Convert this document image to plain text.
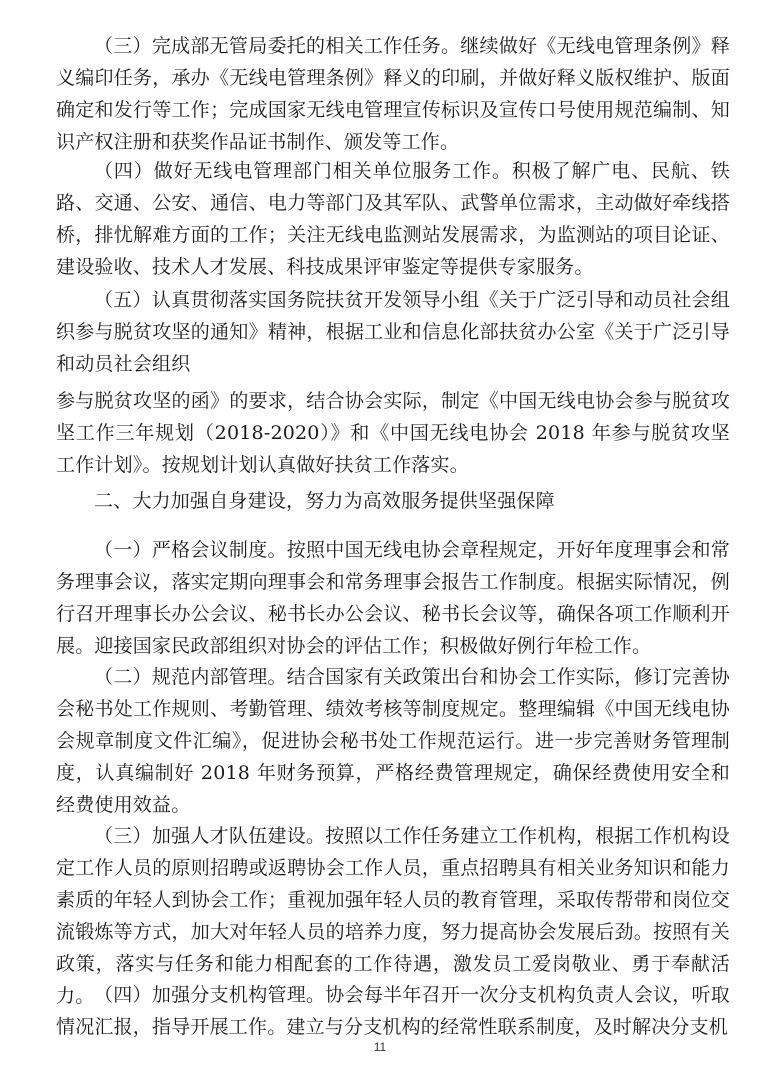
（三）完成部无管局委托的相关工作任务。继续做好《无线电管理条例》释义编印任务，承办《无线电管理条例》释义的印刷，并做好释义版权维护、版面确定和发行等工作；完成国家无线电管理宣传标识及宣传口号使用规范编制、知识产权注册和获奖作品证书制作、颁发等工作。

（四）做好无线电管理部门相关单位服务工作。积极了解广电、民航、铁路、交通、公安、通信、电力等部门及其军队、武警单位需求，主动做好牵线搭桥，排忧解难方面的工作；关注无线电监测站发展需求，为监测站的项目论证、建设验收、技术人才发展、科技成果评审鉴定等提供专家服务。

（五）认真贯彻落实国务院扶贫开发领导小组《关于广泛引导和动员社会组织参与脱贫攻坚的通知》精神，根据工业和信息化部扶贫办公室《关于广泛引导和动员社会组织

参与脱贫攻坚的函》的要求，结合协会实际，制定《中国无线电协会参与脱贫攻坚工作三年规划（2018-2020）》和《中国无线电协会 2018 年参与脱贫攻坚工作计划》。按规划计划认真做好扶贫工作落实。

二、大力加强自身建设，努力为高效服务提供坚强保障

（一）严格会议制度。按照中国无线电协会章程规定，开好年度理事会和常务理事会议，落实定期向理事会和常务理事会报告工作制度。根据实际情况，例行召开理事长办公会议、秘书长办公会议、秘书长会议等，确保各项工作顺利开展。迎接国家民政部组织对协会的评估工作；积极做好例行年检工作。

（二）规范内部管理。结合国家有关政策出台和协会工作实际，修订完善协会秘书处工作规则、考勤管理、绩效考核等制度规定。整理编辑《中国无线电协会规章制度文件汇编》，促进协会秘书处工作规范运行。进一步完善财务管理制度，认真编制好 2018 年财务预算，严格经费管理规定，确保经费使用安全和经费使用效益。

（三）加强人才队伍建设。按照以工作任务建立工作机构，根据工作机构设定工作人员的原则招聘或返聘协会工作人员，重点招聘具有相关业务知识和能力素质的年轻人到协会工作；重视加强年轻人员的教育管理，采取传帮带和岗位交流锻炼等方式，加大对年轻人员的培养力度，努力提高协会发展后劲。按照有关政策，落实与任务和能力相配套的工作待遇，激发员工爱岗敬业、勇于奉献活力。 （四）加强分支机构管理。协会每半年召开一次分支机构负责人会议，听取情况汇报，指导开展工作。建立与分支机构的经常性联系制度，及时解决分支机

11
